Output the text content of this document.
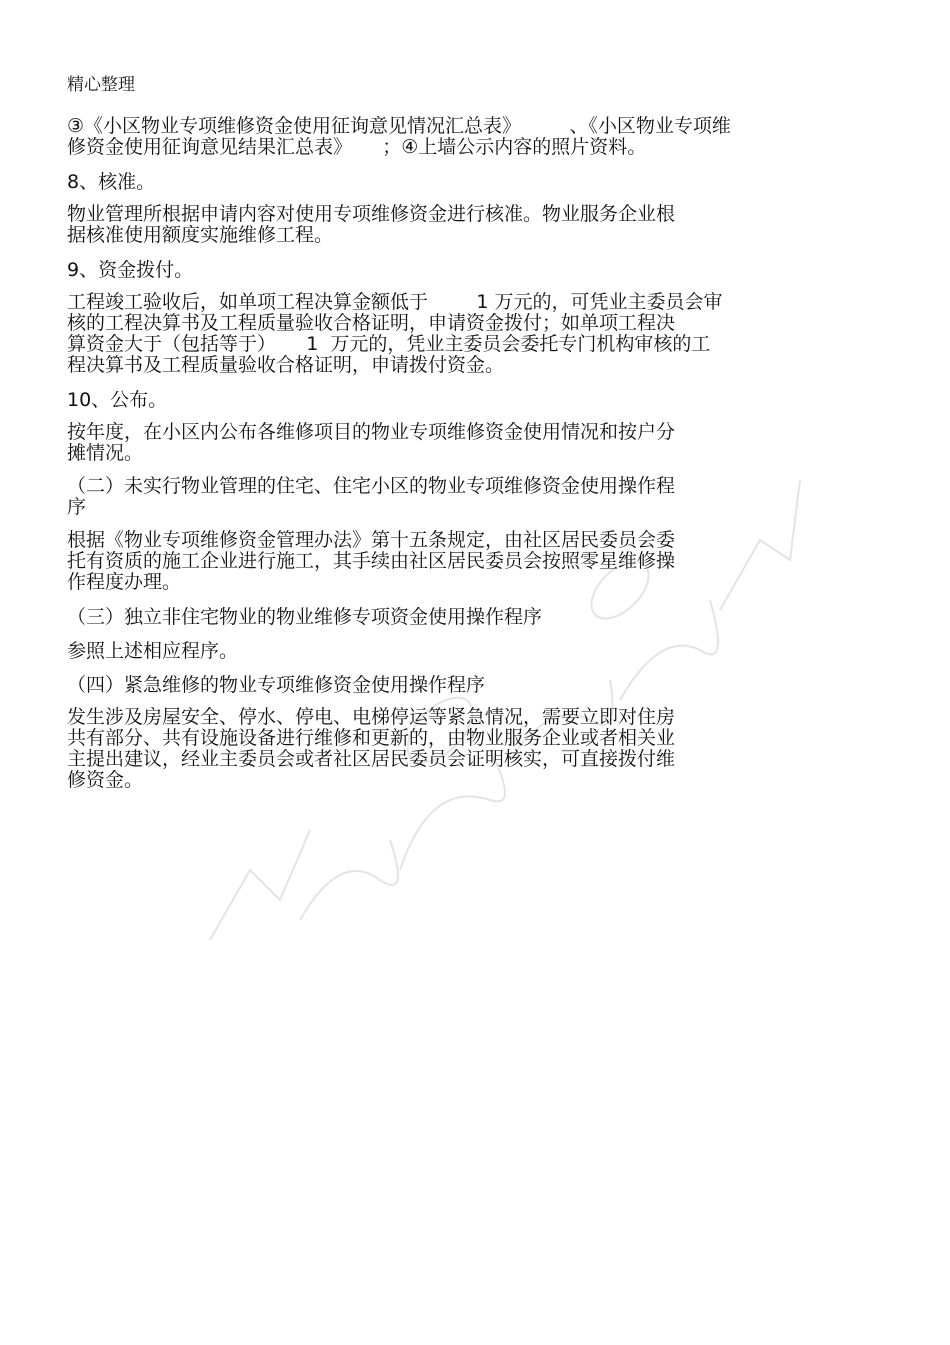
精心整理
③《小区物业专项维修资金使用征询意见情况汇总表》        、《小区物业专项维
修资金使用征询意见结果汇总表》     ；④上墙公示内容的照片资料。
8、核准。
物业管理所根据申请内容对使用专项维修资金进行核准。物业服务企业根
据核准使用额度实施维修工程。
9、资金拨付。
工程竣工验收后，如单项工程决算金额低于        1 万元的，可凭业主委员会审
核的工程决算书及工程质量验收合格证明，申请资金拨付；如单项工程决
算资金大于（包括等于）     1  万元的，凭业主委员会委托专门机构审核的工
程决算书及工程质量验收合格证明，申请拨付资金。
10、公布。
按年度，在小区内公布各维修项目的物业专项维修资金使用情况和按户分
摊情况。
（二）未实行物业管理的住宅、住宅小区的物业专项维修资金使用操作程
序
根据《物业专项维修资金管理办法》第十五条规定，由社区居民委员会委
托有资质的施工企业进行施工，其手续由社区居民委员会按照零星维修操
作程度办理。
（三）独立非住宅物业的物业维修专项资金使用操作程序
参照上述相应程序。
（四）紧急维修的物业专项维修资金使用操作程序
发生涉及房屋安全、停水、停电、电梯停运等紧急情况，需要立即对住房
共有部分、共有设施设备进行维修和更新的，由物业服务企业或者相关业
主提出建议，经业主委员会或者社区居民委员会证明核实，可直接拨付维
修资金。
